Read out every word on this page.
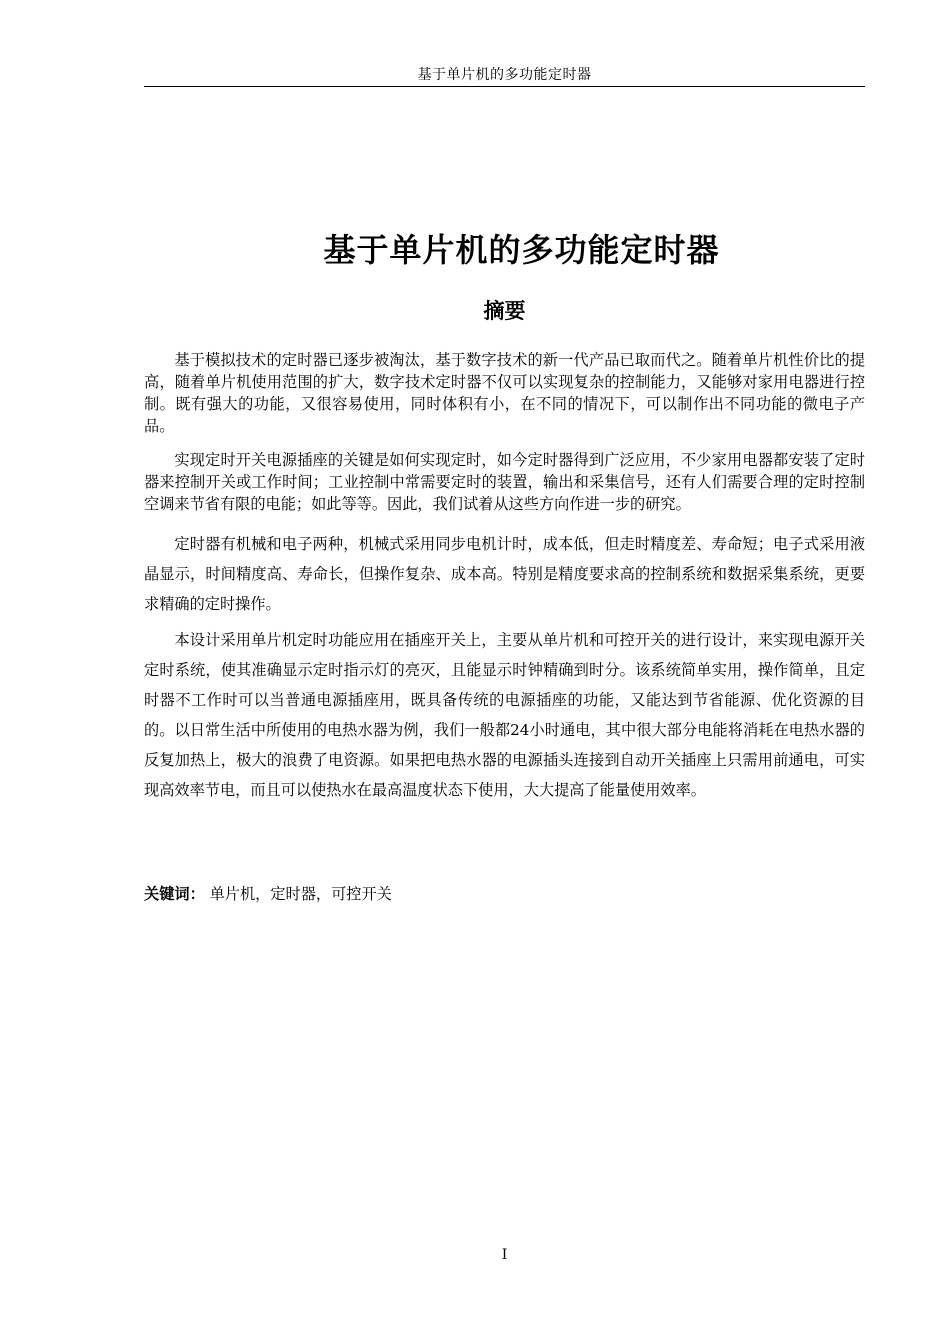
基于单片机的多功能定时器
基于单片机的多功能定时器
摘要

基于模拟技术的定时器已逐步被淘汰，基于数字技术的新一代产品已取而代之。随着单片机性价比的提高，随着单片机使用范围的扩大，数字技术定时器不仅可以实现复杂的控制能力，又能够对家用电器进行控制。既有强大的功能，又很容易使用，同时体积有小，在不同的情况下，可以制作出不同功能的微电子产品。

实现定时开关电源插座的关键是如何实现定时，如今定时器得到广泛应用，不少家用电器都安装了定时器来控制开关或工作时间；工业控制中常需要定时的装置，输出和采集信号，还有人们需要合理的定时控制空调来节省有限的电能；如此等等。因此，我们试着从这些方向作进一步的研究。

定时器有机械和电子两种，机械式采用同步电机计时，成本低，但走时精度差、寿命短；电子式采用液晶显示，时间精度高、寿命长，但操作复杂、成本高。特别是精度要求高的控制系统和数据采集系统，更要求精确的定时操作。

本设计采用单片机定时功能应用在插座开关上，主要从单片机和可控开关的进行设计，来实现电源开关定时系统，使其准确显示定时指示灯的亮灭，且能显示时钟精确到时分。该系统简单实用，操作简单，且定时器不工作时可以当普通电源插座用，既具备传统的电源插座的功能，又能达到节省能源、优化资源的目的。以日常生活中所使用的电热水器为例，我们一般都24小时通电，其中很大部分电能将消耗在电热水器的反复加热上，极大的浪费了电资源。如果把电热水器的电源插头连接到自动开关插座上只需用前通电，可实现高效率节电，而且可以使热水在最高温度状态下使用，大大提高了能量使用效率。

关键词： 单片机，定时器，可控开关

I
